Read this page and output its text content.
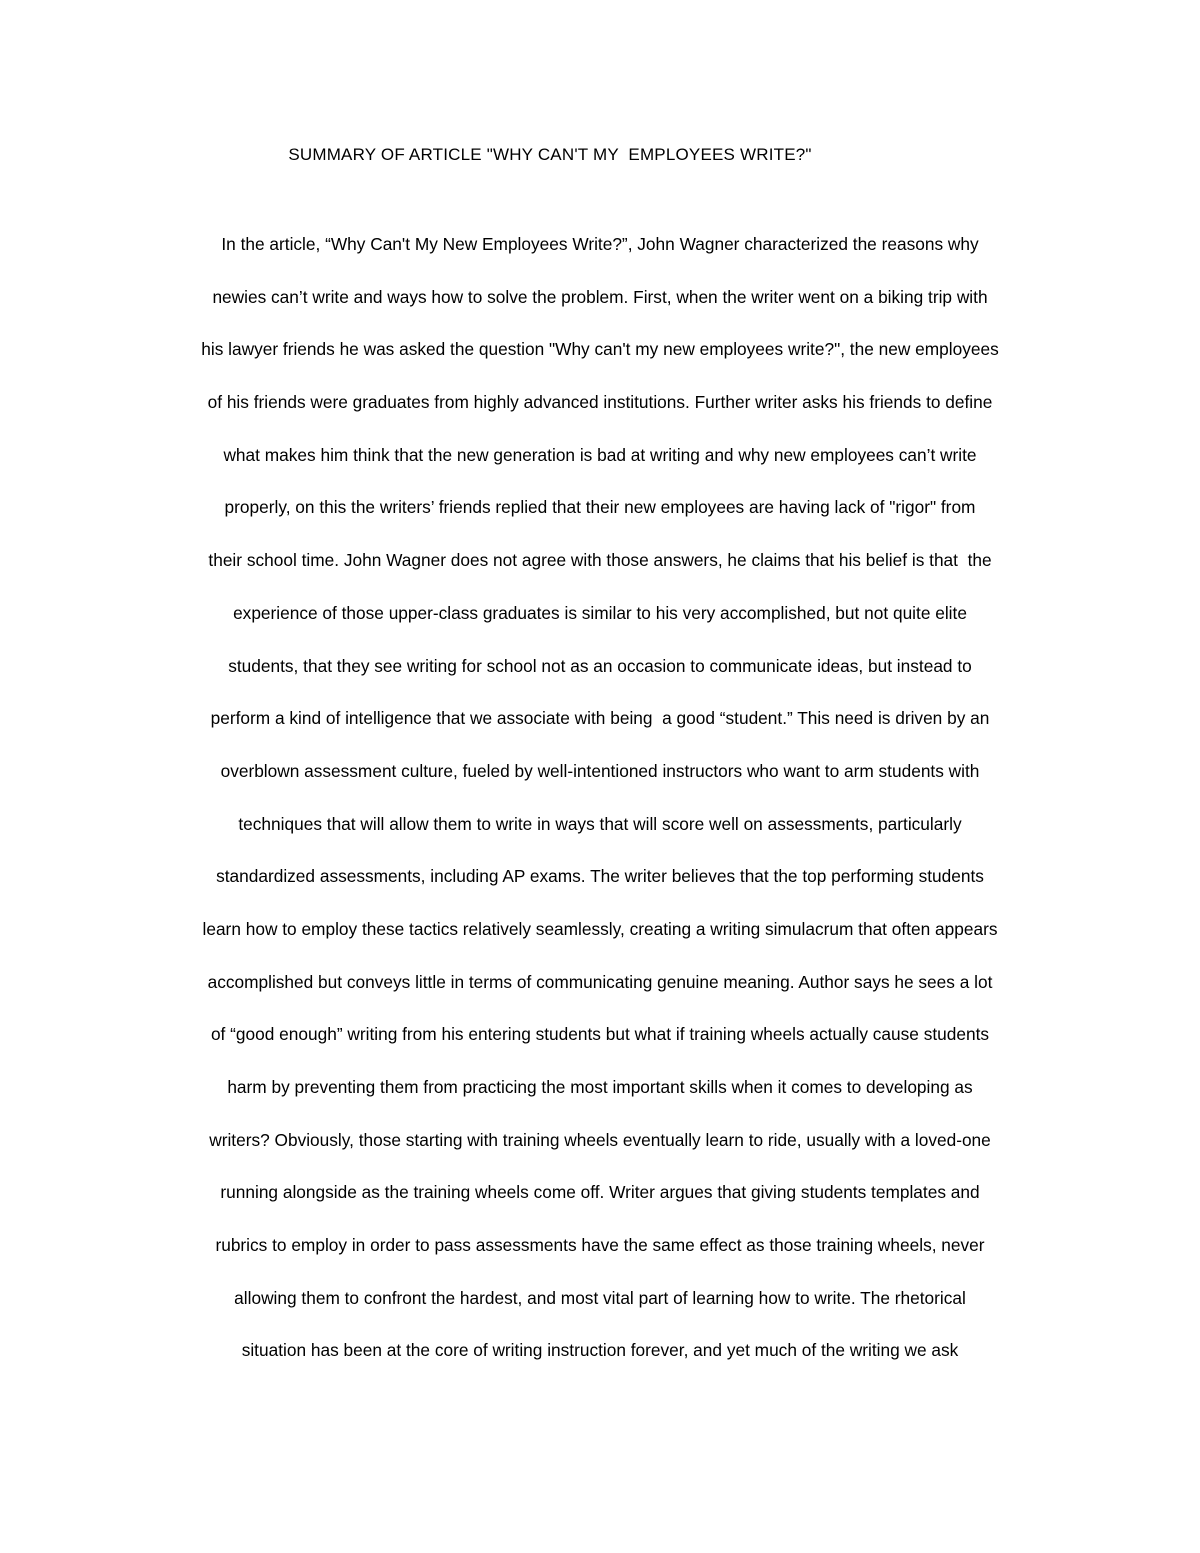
SUMMARY OF ARTICLE "WHY CAN'T MY  EMPLOYEES WRITE?"
In the article, “Why Can't My New Employees Write?”, John Wagner characterized the reasons why
newies can’t write and ways how to solve the problem. First, when the writer went on a biking trip with
his lawyer friends he was asked the question "Why can't my new employees write?", the new employees
of his friends were graduates from highly advanced institutions. Further writer asks his friends to define
what makes him think that the new generation is bad at writing and why new employees can’t write
properly, on this the writers’ friends replied that their new employees are having lack of "rigor" from
their school time. John Wagner does not agree with those answers, he claims that his belief is that  the
experience of those upper-class graduates is similar to his very accomplished, but not quite elite
students, that they see writing for school not as an occasion to communicate ideas, but instead to
perform a kind of intelligence that we associate with being  a good “student.” This need is driven by an
overblown assessment culture, fueled by well-intentioned instructors who want to arm students with
techniques that will allow them to write in ways that will score well on assessments, particularly
standardized assessments, including AP exams. The writer believes that the top performing students
learn how to employ these tactics relatively seamlessly, creating a writing simulacrum that often appears
accomplished but conveys little in terms of communicating genuine meaning. Author says he sees a lot
of “good enough” writing from his entering students but what if training wheels actually cause students
harm by preventing them from practicing the most important skills when it comes to developing as
writers? Obviously, those starting with training wheels eventually learn to ride, usually with a loved-one
running alongside as the training wheels come off. Writer argues that giving students templates and
rubrics to employ in order to pass assessments have the same effect as those training wheels, never
allowing them to confront the hardest, and most vital part of learning how to write. The rhetorical
situation has been at the core of writing instruction forever, and yet much of the writing we ask
